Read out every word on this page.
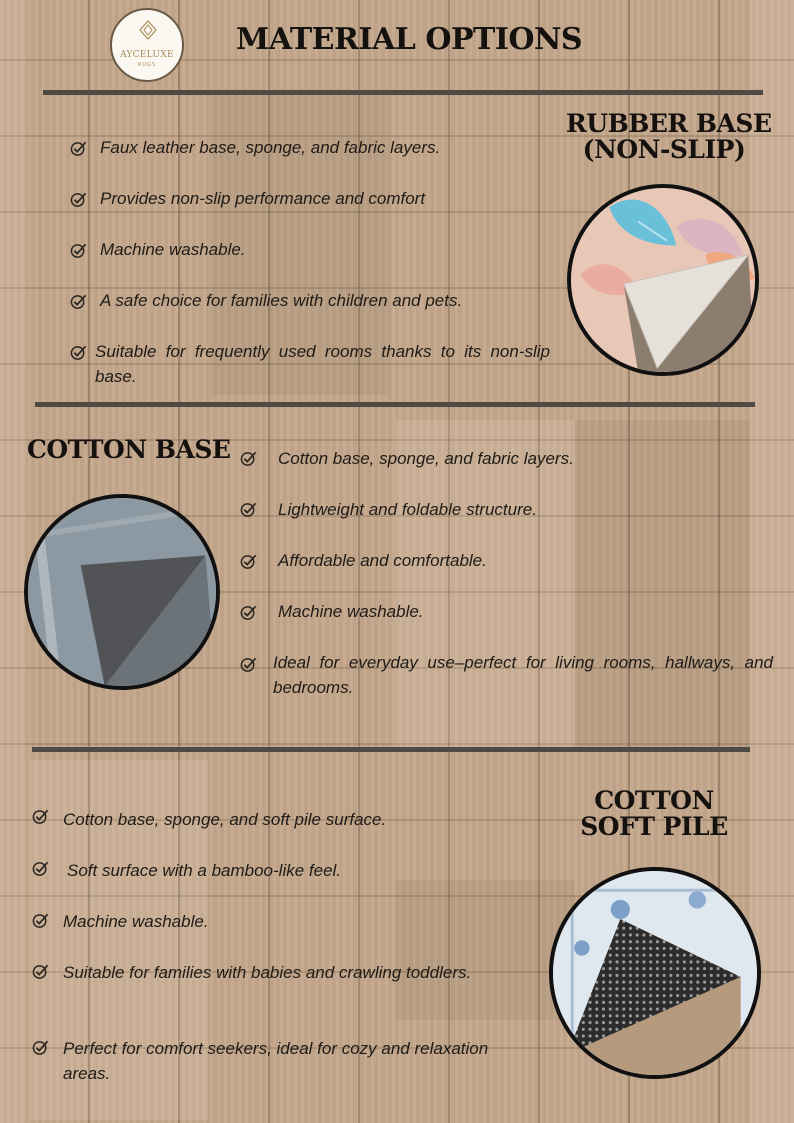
AYCELUXE
RUGS
MATERIAL OPTIONS
RUBBER BASE
(NON-SLIP)
Faux leather base, sponge, and fabric layers.
Provides non-slip performance and comfort
Machine washable.
A safe choice for families with children and pets.
Suitable for frequently used rooms thanks to its non-slip base.
COTTON BASE	Cotton base, sponge, and fabric layers.
Lightweight and foldable structure.
Affordable and comfortable.
Machine washable.
Ideal for everyday use–perfect for living rooms, hallways, and bedrooms.
COTTON
SOFT PILE
Cotton base, sponge, and soft pile surface.
Soft surface with a bamboo-like feel.
Machine washable.
Suitable for families with babies and crawling toddlers.
Perfect for comfort seekers, ideal for cozy and relaxation areas.
